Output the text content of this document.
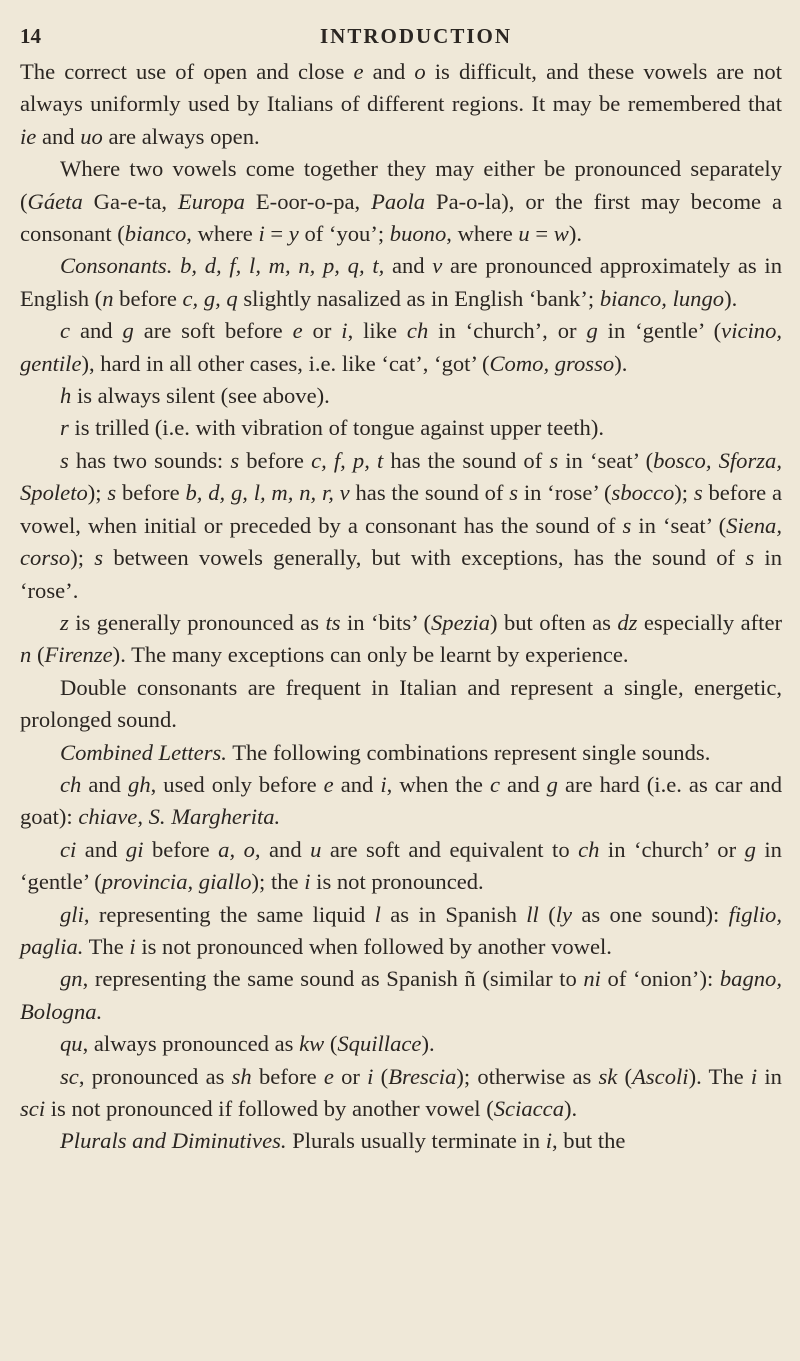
14	INTRODUCTION

The correct use of open and close e and o is difficult, and these vowels are not always uniformly used by Italians of different regions. It may be remembered that ie and uo are always open.

Where two vowels come together they may either be pronounced separately (Gáeta Ga-e-ta, Europa E-oor-o-pa, Paola Pa-o-la), or the first may become a consonant (bianco, where i = y of ‘you’; buono, where u = w).

Consonants. b, d, f, l, m, n, p, q, t, and v are pronounced approximately as in English (n before c, g, q slightly nasalized as in English ‘bank’; bianco, lungo).

c and g are soft before e or i, like ch in ‘church’, or g in ‘gentle’ (vicino, gentile), hard in all other cases, i.e. like ‘cat’, ‘got’ (Como, grosso).

h is always silent (see above).

r is trilled (i.e. with vibration of tongue against upper teeth).

s has two sounds: s before c, f, p, t has the sound of s in ‘seat’ (bosco, Sforza, Spoleto); s before b, d, g, l, m, n, r, v has the sound of s in ‘rose’ (sbocco); s before a vowel, when initial or preceded by a consonant has the sound of s in ‘seat’ (Siena, corso); s between vowels generally, but with exceptions, has the sound of s in ‘rose’.

z is generally pronounced as ts in ‘bits’ (Spezia) but often as dz especially after n (Firenze). The many exceptions can only be learnt by experience.

Double consonants are frequent in Italian and represent a single, energetic, prolonged sound.

Combined Letters. The following combinations represent single sounds.

ch and gh, used only before e and i, when the c and g are hard (i.e. as car and goat): chiave, S. Margherita.

ci and gi before a, o, and u are soft and equivalent to ch in ‘church’ or g in ‘gentle’ (provincia, giallo); the i is not pronounced.

gli, representing the same liquid l as in Spanish ll (ly as one sound): figlio, paglia. The i is not pronounced when followed by another vowel.

gn, representing the same sound as Spanish ñ (similar to ni of ‘onion’): bagno, Bologna.

qu, always pronounced as kw (Squillace).

sc, pronounced as sh before e or i (Brescia); otherwise as sk (Ascoli). The i in sci is not pronounced if followed by another vowel (Sciacca).

Plurals and Diminutives. Plurals usually terminate in i, but the
